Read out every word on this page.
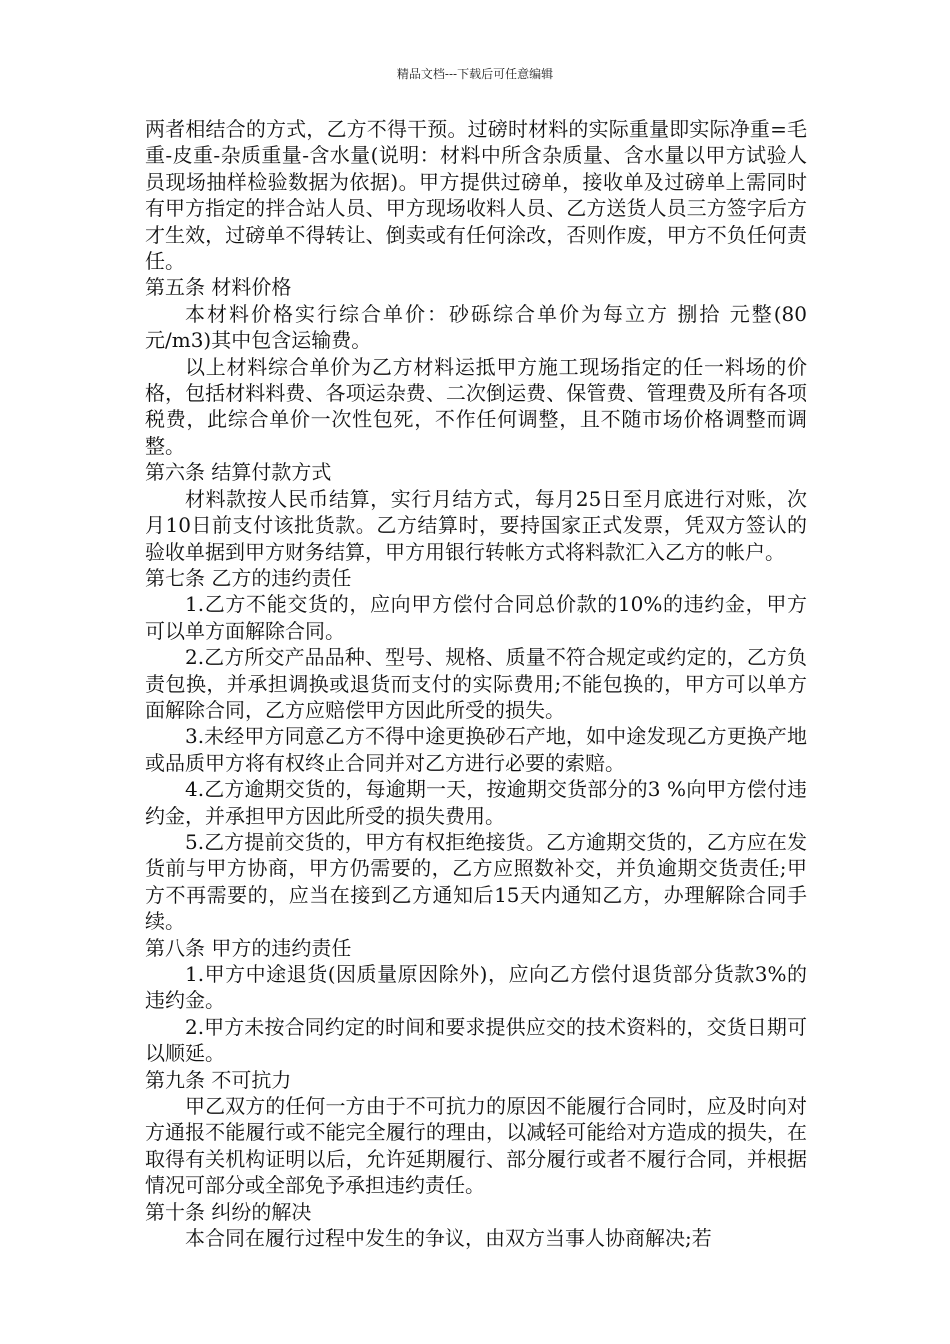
精品文档---下载后可任意编辑

两者相结合的方式，乙方不得干预。过磅时材料的实际重量即实际净重=毛重-皮重-杂质重量-含水量(说明：材料中所含杂质量、含水量以甲方试验人员现场抽样检验数据为依据)。甲方提供过磅单，接收单及过磅单上需同时有甲方指定的拌合站人员、甲方现场收料人员、乙方送货人员三方签字后方才生效，过磅单不得转让、倒卖或有任何涂改，否则作废，甲方不负任何责任。

第五条 材料价格

本材料价格实行综合单价：砂砾综合单价为每立方 捌拾 元整(80元/m3)其中包含运输费。

以上材料综合单价为乙方材料运抵甲方施工现场指定的任一料场的价格，包括材料料费、各项运杂费、二次倒运费、保管费、管理费及所有各项税费，此综合单价一次性包死，不作任何调整，且不随市场价格调整而调整。

第六条 结算付款方式

材料款按人民币结算，实行月结方式，每月25日至月底进行对账，次月10日前支付该批货款。乙方结算时，要持国家正式发票，凭双方签认的验收单据到甲方财务结算，甲方用银行转帐方式将料款汇入乙方的帐户。

第七条 乙方的违约责任

1.乙方不能交货的，应向甲方偿付合同总价款的10%的违约金，甲方可以单方面解除合同。

2.乙方所交产品品种、型号、规格、质量不符合规定或约定的，乙方负责包换，并承担调换或退货而支付的实际费用;不能包换的，甲方可以单方面解除合同，乙方应赔偿甲方因此所受的损失。

3.未经甲方同意乙方不得中途更换砂石产地，如中途发现乙方更换产地或品质甲方将有权终止合同并对乙方进行必要的索赔。

4.乙方逾期交货的，每逾期一天，按逾期交货部分的3 %向甲方偿付违约金，并承担甲方因此所受的损失费用。

5.乙方提前交货的，甲方有权拒绝接货。乙方逾期交货的，乙方应在发货前与甲方协商，甲方仍需要的，乙方应照数补交，并负逾期交货责任;甲方不再需要的，应当在接到乙方通知后15天内通知乙方，办理解除合同手续。

第八条 甲方的违约责任

1.甲方中途退货(因质量原因除外)，应向乙方偿付退货部分货款3%的违约金。

2.甲方未按合同约定的时间和要求提供应交的技术资料的，交货日期可以顺延。

第九条 不可抗力

甲乙双方的任何一方由于不可抗力的原因不能履行合同时，应及时向对方通报不能履行或不能完全履行的理由，以减轻可能给对方造成的损失，在取得有关机构证明以后，允许延期履行、部分履行或者不履行合同，并根据情况可部分或全部免予承担违约责任。

第十条 纠纷的解决

本合同在履行过程中发生的争议，由双方当事人协商解决;若
